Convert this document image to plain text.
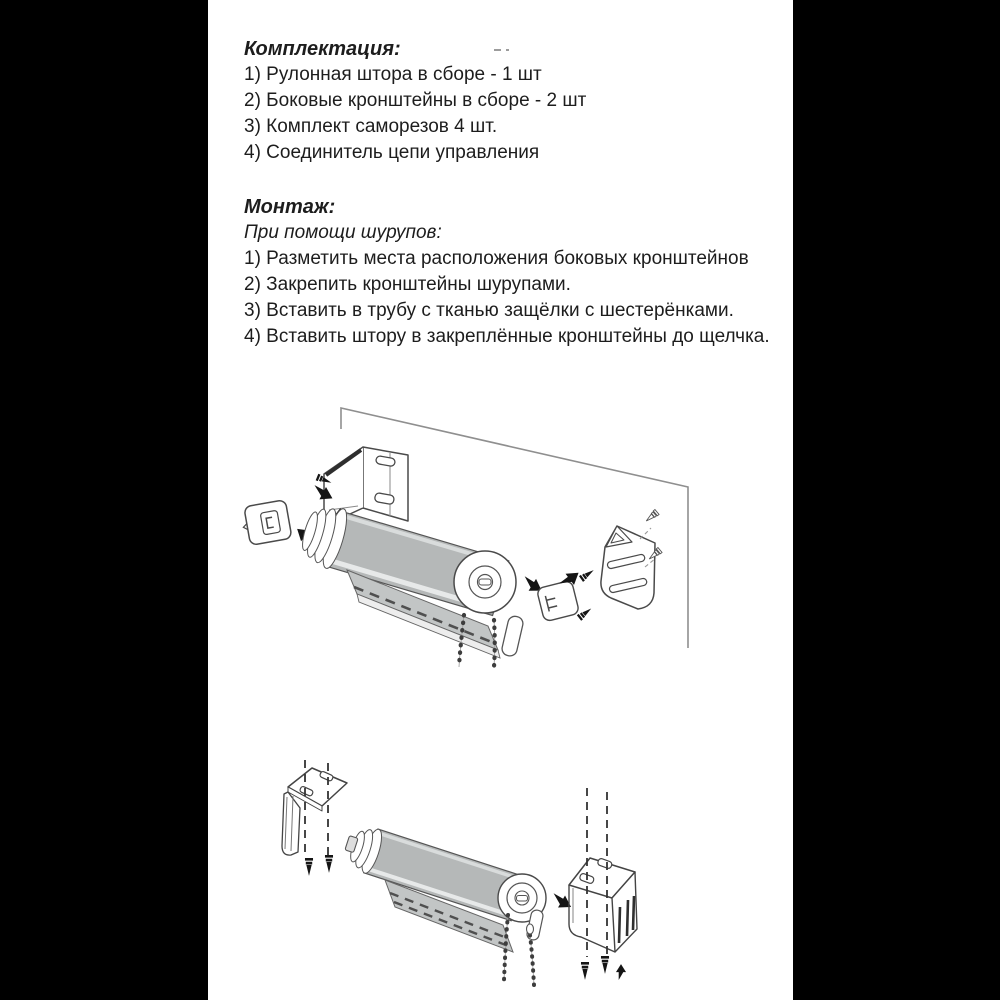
Комплектация:
1) Рулонная штора в сборе - 1 шт
2) Боковые кронштейны в сборе - 2 шт
3) Комплект саморезов 4 шт.
4) Соединитель цепи управления
Монтаж:
При помощи шурупов:
1) Разметить места расположения боковых кронштейнов
2) Закрепить кронштейны шурупами.
3) Вставить в трубу с тканью защёлки с шестерёнками.
4) Вставить штору в закреплённые кронштейны до щелчка.
